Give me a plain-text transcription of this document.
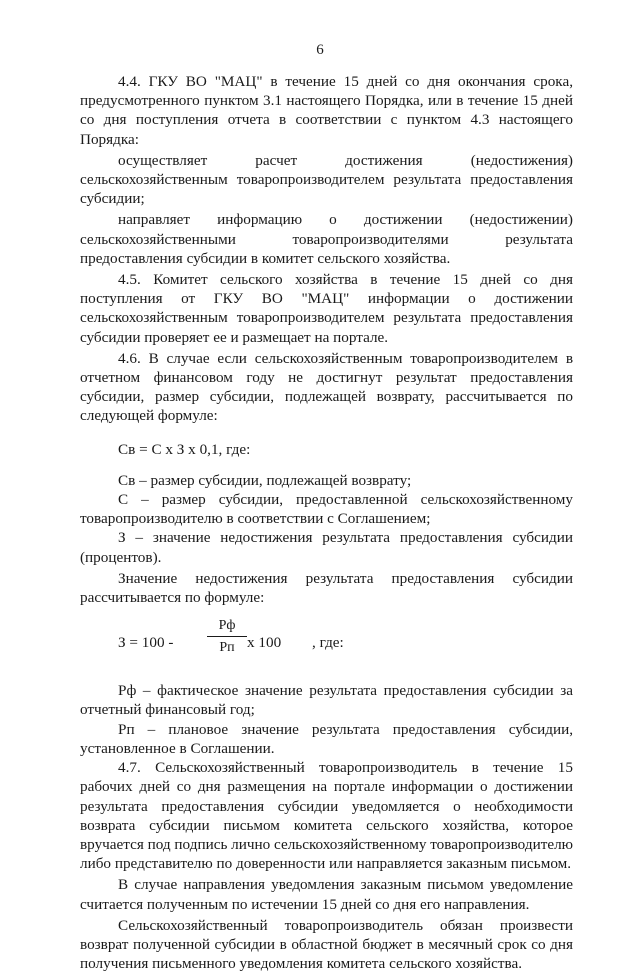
6

4.4. ГКУ ВО "МАЦ" в течение 15 дней со дня окончания срока, предусмотренного пунктом 3.1 настоящего Порядка, или в течение 15 дней со дня поступления отчета в соответствии с пунктом 4.3 настоящего Порядка:

осуществляет расчет достижения (недостижения) сельскохозяйственным товаропроизводителем результата предоставления субсидии;

направляет информацию о достижении (недостижении) сельскохозяйственными товаропроизводителями результата предоставления субсидии в комитет сельского хозяйства.

4.5. Комитет сельского хозяйства в течение 15 дней со дня поступления от ГКУ ВО "МАЦ" информации о достижении сельскохозяйственным товаропроизводителем результата предоставления субсидии проверяет ее и размещает на портале.

4.6. В случае если сельскохозяйственным товаропроизводителем в отчетном финансовом году не достигнут результат предоставления субсидии, размер субсидии, подлежащей возврату, рассчитывается по следующей формуле:

Св = С х З х 0,1, где:

Св – размер субсидии, подлежащей возврату;

С – размер субсидии, предоставленной сельскохозяйственному товаропроизводителю в соответствии с Соглашением;

З – значение недостижения результата предоставления субсидии (процентов).

Значение недостижения результата предоставления субсидии рассчитывается по формуле:

З = 100 -
Рф
Рп х 100 , где:

Рф – фактическое значение результата предоставления субсидии за отчетный финансовый год;

Рп – плановое значение результата предоставления субсидии, установленное в Соглашении.

4.7. Сельскохозяйственный товаропроизводитель в течение 15 рабочих дней со дня размещения на портале информации о достижении результата предоставления субсидии уведомляется о необходимости возврата субсидии письмом комитета сельского хозяйства, которое вручается под подпись лично сельскохозяйственному товаропроизводителю либо представителю по доверенности или направляется заказным письмом.

В случае направления уведомления заказным письмом уведомление считается полученным по истечении 15 дней со дня его направления.

Сельскохозяйственный товаропроизводитель обязан произвести возврат полученной субсидии в областной бюджет в месячный срок со дня получения письменного уведомления комитета сельского хозяйства.
